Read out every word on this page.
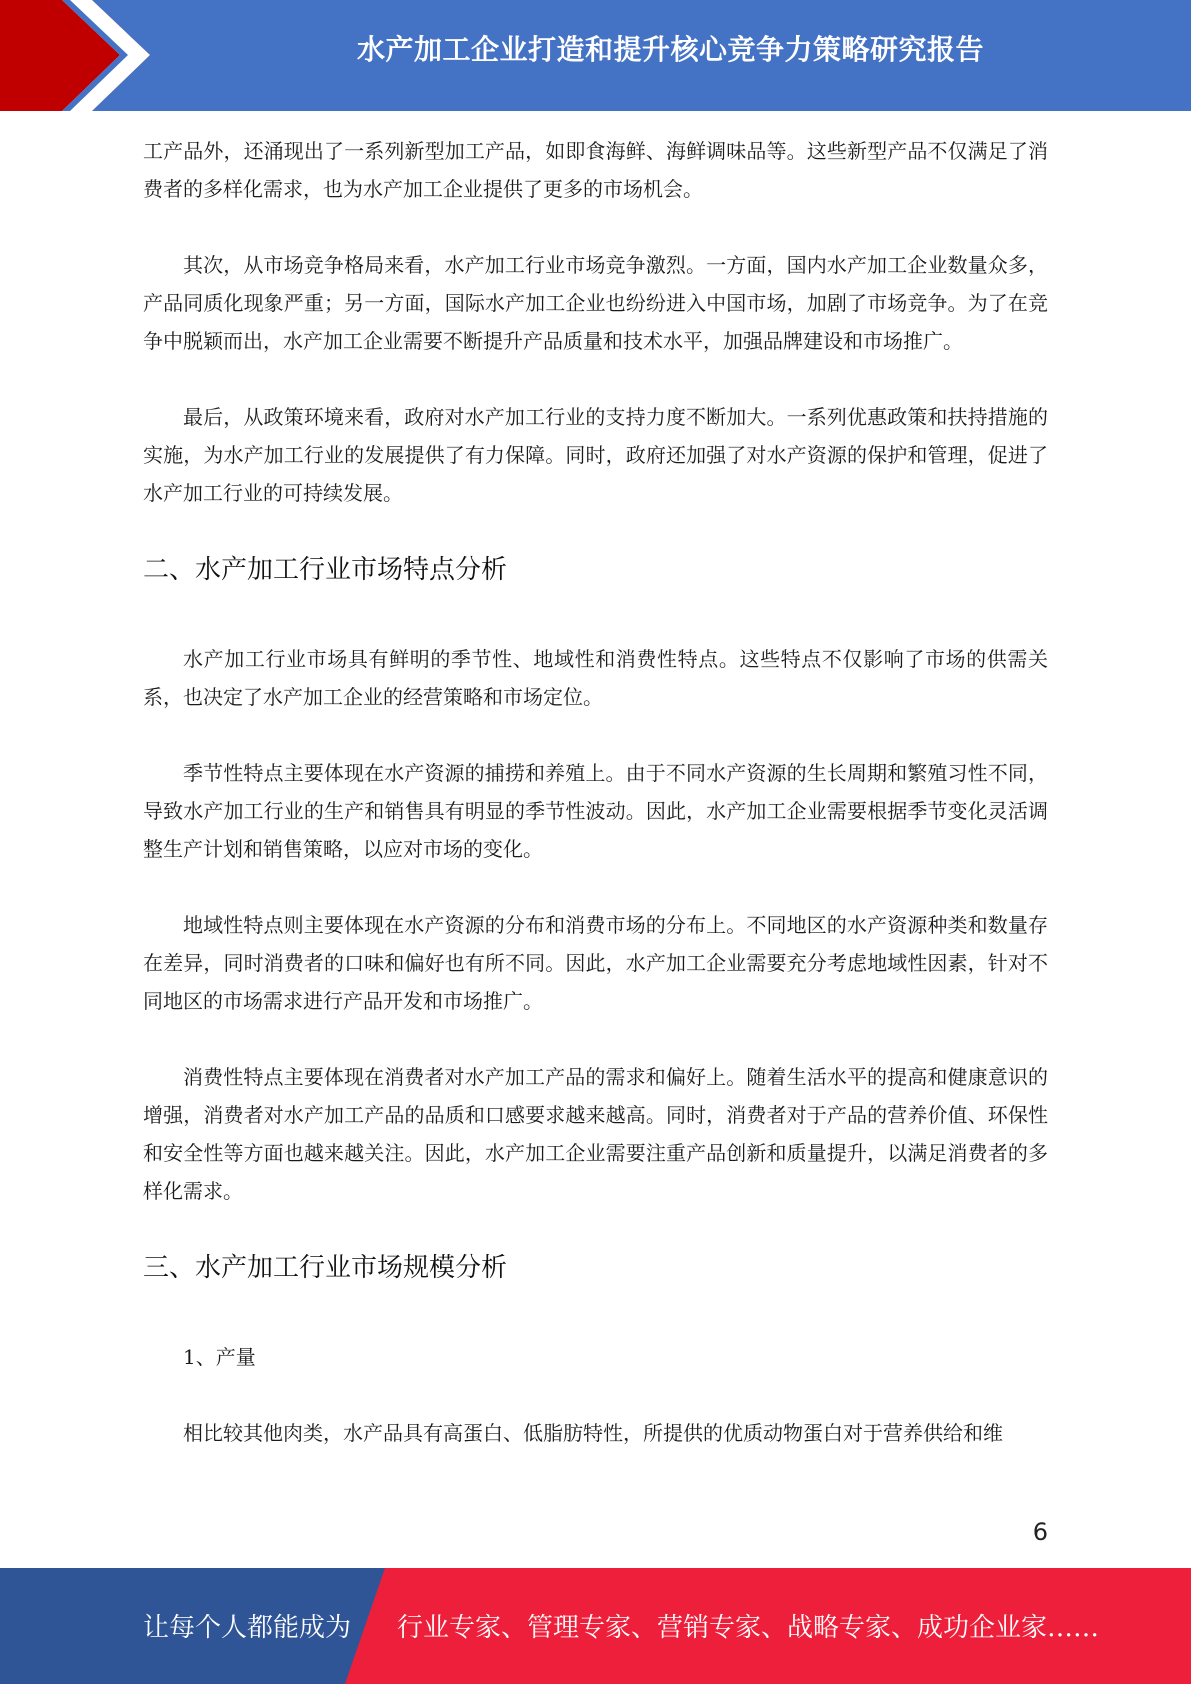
水产加工企业打造和提升核心竞争力策略研究报告

工产品外，还涌现出了一系列新型加工产品，如即食海鲜、海鲜调味品等。这些新型产品不仅满足了消费者的多样化需求，也为水产加工企业提供了更多的市场机会。

其次，从市场竞争格局来看，水产加工行业市场竞争激烈。一方面，国内水产加工企业数量众多，产品同质化现象严重；另一方面，国际水产加工企业也纷纷进入中国市场，加剧了市场竞争。为了在竞争中脱颖而出，水产加工企业需要不断提升产品质量和技术水平，加强品牌建设和市场推广。

最后，从政策环境来看，政府对水产加工行业的支持力度不断加大。一系列优惠政策和扶持措施的实施，为水产加工行业的发展提供了有力保障。同时，政府还加强了对水产资源的保护和管理，促进了水产加工行业的可持续发展。

二、水产加工行业市场特点分析

水产加工行业市场具有鲜明的季节性、地域性和消费性特点。这些特点不仅影响了市场的供需关系，也决定了水产加工企业的经营策略和市场定位。

季节性特点主要体现在水产资源的捕捞和养殖上。由于不同水产资源的生长周期和繁殖习性不同，导致水产加工行业的生产和销售具有明显的季节性波动。因此，水产加工企业需要根据季节变化灵活调整生产计划和销售策略，以应对市场的变化。

地域性特点则主要体现在水产资源的分布和消费市场的分布上。不同地区的水产资源种类和数量存在差异，同时消费者的口味和偏好也有所不同。因此，水产加工企业需要充分考虑地域性因素，针对不同地区的市场需求进行产品开发和市场推广。

消费性特点主要体现在消费者对水产加工产品的需求和偏好上。随着生活水平的提高和健康意识的增强，消费者对水产加工产品的品质和口感要求越来越高。同时，消费者对于产品的营养价值、环保性和安全性等方面也越来越关注。因此，水产加工企业需要注重产品创新和质量提升，以满足消费者的多样化需求。

三、水产加工行业市场规模分析

1、产量

相比较其他肉类，水产品具有高蛋白、低脂肪特性，所提供的优质动物蛋白对于营养供给和维

6
让每个人都能成为 行业专家、管理专家、营销专家、战略专家、成功企业家……
